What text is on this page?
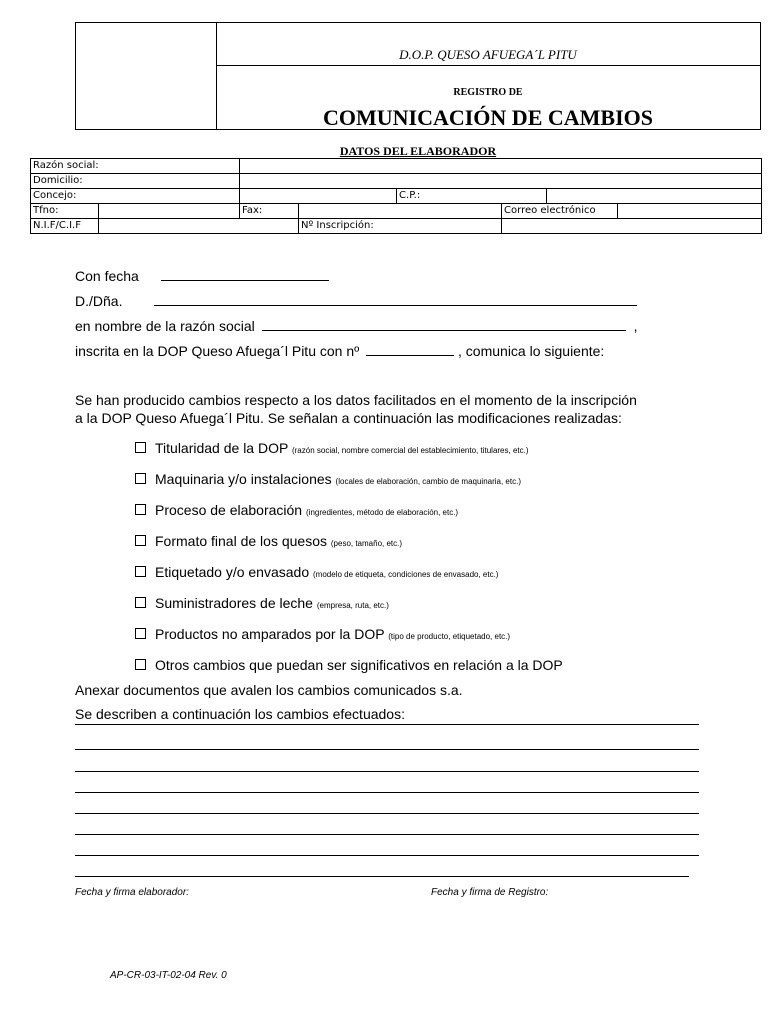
D.O.P. QUESO AFUEGA´L PITU
REGISTRO DE
COMUNICACIÓN DE CAMBIOS
DATOS DEL ELABORADOR
Razón social:							
Domicilio:							
Concejo:				C.P.:			
Tfno:		Fax:			Correo electrónico		
N.I.F/C.I.F			Nº Inscripción:				
Con fecha
D./Dña.
en nombre de la razón social	,
inscrita en la DOP Queso Afuega´l Pitu con nº	, comunica lo siguiente:
Se han producido cambios respecto a los datos facilitados en el momento de la inscripción
a la DOP Queso Afuega´l Pitu. Se señalan a continuación las modificaciones realizadas:
Titularidad de la DOP (razón social, nombre comercial del establecimiento, titulares, etc.)
Maquinaria y/o instalaciones (locales de elaboración, cambio de maquinaria, etc.)
Proceso de elaboración (ingredientes, método de elaboración, etc.)
Formato final de los quesos (peso, tamaño, etc.)
Etiquetado y/o envasado (modelo de etiqueta, condiciones de envasado, etc.)
Suministradores de leche (empresa, ruta, etc.)
Productos no amparados por la DOP (tipo de producto, etiquetado, etc.)
Otros cambios que puedan ser significativos en relación a la DOP
Anexar documentos que avalen los cambios comunicados s.a.
Se describen a continuación los cambios efectuados:
Fecha y firma elaborador:	Fecha y firma de Registro:
AP-CR-03-IT-02-04 Rev. 0
